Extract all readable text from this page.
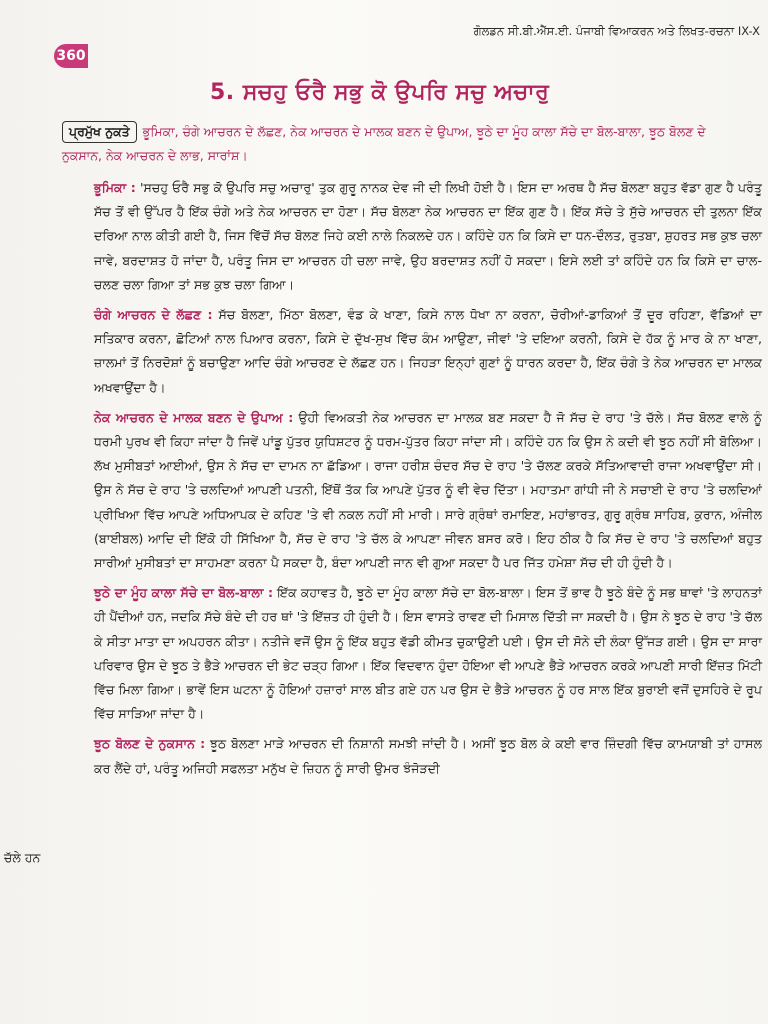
360
ਗੋਲਡਨ ਸੀ.ਬੀ.ਐੱਸ.ਈ. ਪੰਜਾਬੀ ਵਿਆਕਰਨ ਅਤੇ ਲਿਖਤ-ਰਚਨਾ IX-X
5. ਸਚਹੁ ਓਰੈ ਸਭੁ ਕੋ ਉਪਰਿ ਸਚੁ ਅਚਾਰੁ
ਪ੍ਰਮੁੱਖ ਨੁਕਤੇ ਭੂਮਿਕਾ, ਚੰਗੇ ਆਚਰਨ ਦੇ ਲੱਛਣ, ਨੇਕ ਆਚਰਨ ਦੇ ਮਾਲਕ ਬਣਨ ਦੇ ਉਪਾਅ, ਝੂਠੇ ਦਾ ਮੂੰਹ ਕਾਲਾ ਸੱਚੇ ਦਾ ਬੋਲ-ਬਾਲਾ, ਝੂਠ ਬੋਲਣ ਦੇ ਨੁਕਸਾਨ, ਨੇਕ ਆਚਰਨ ਦੇ ਲਾਭ, ਸਾਰਾਂਸ਼।

ਭੂਮਿਕਾ : 'ਸਚਹੁ ਓਰੈ ਸਭੁ ਕੋ ਉਪਰਿ ਸਚੁ ਅਚਾਰੁ' ਤੁਕ ਗੁਰੂ ਨਾਨਕ ਦੇਵ ਜੀ ਦੀ ਲਿਖੀ ਹੋਈ ਹੈ। ਇਸ ਦਾ ਅਰਥ ਹੈ ਸੱਚ ਬੋਲਣਾ ਬਹੁਤ ਵੱਡਾ ਗੁਣ ਹੈ ਪਰੰਤੂ ਸੱਚ ਤੋਂ ਵੀ ਉੱਪਰ ਹੈ ਇੱਕ ਚੰਗੇ ਅਤੇ ਨੇਕ ਆਚਰਨ ਦਾ ਹੋਣਾ। ਸੱਚ ਬੋਲਣਾ ਨੇਕ ਆਚਰਨ ਦਾ ਇੱਕ ਗੁਣ ਹੈ। ਇੱਕ ਸੱਚੇ ਤੇ ਸੁੱਚੇ ਆਚਰਨ ਦੀ ਤੁਲਨਾ ਇੱਕ ਦਰਿਆ ਨਾਲ ਕੀਤੀ ਗਈ ਹੈ, ਜਿਸ ਵਿੱਚੋਂ ਸੱਚ ਬੋਲਣ ਜਿਹੇ ਕਈ ਨਾਲੇ ਨਿਕਲਦੇ ਹਨ। ਕਹਿੰਦੇ ਹਨ ਕਿ ਕਿਸੇ ਦਾ ਧਨ-ਦੌਲਤ, ਰੁਤਬਾ, ਸ਼ੁਹਰਤ ਸਭ ਕੁਝ ਚਲਾ ਜਾਵੇ, ਬਰਦਾਸ਼ਤ ਹੋ ਜਾਂਦਾ ਹੈ, ਪਰੰਤੂ ਜਿਸ ਦਾ ਆਚਰਨ ਹੀ ਚਲਾ ਜਾਵੇ, ਉਹ ਬਰਦਾਸ਼ਤ ਨਹੀਂ ਹੋ ਸਕਦਾ। ਇਸੇ ਲਈ ਤਾਂ ਕਹਿੰਦੇ ਹਨ ਕਿ ਕਿਸੇ ਦਾ ਚਾਲ-ਚਲਣ ਚਲਾ ਗਿਆ ਤਾਂ ਸਭ ਕੁਝ ਚਲਾ ਗਿਆ।

ਚੰਗੇ ਆਚਰਨ ਦੇ ਲੱਛਣ : ਸੱਚ ਬੋਲਣਾ, ਮਿੱਠਾ ਬੋਲਣਾ, ਵੰਡ ਕੇ ਖਾਣਾ, ਕਿਸੇ ਨਾਲ ਧੋਖਾ ਨਾ ਕਰਨਾ, ਚੋਰੀਆਂ-ਡਾਕਿਆਂ ਤੋਂ ਦੂਰ ਰਹਿਣਾ, ਵੱਡਿਆਂ ਦਾ ਸਤਿਕਾਰ ਕਰਨਾ, ਛੋਟਿਆਂ ਨਾਲ ਪਿਆਰ ਕਰਨਾ, ਕਿਸੇ ਦੇ ਦੁੱਖ-ਸੁਖ ਵਿੱਚ ਕੰਮ ਆਉਣਾ, ਜੀਵਾਂ 'ਤੇ ਦਇਆ ਕਰਨੀ, ਕਿਸੇ ਦੇ ਹੱਕ ਨੂੰ ਮਾਰ ਕੇ ਨਾ ਖਾਣਾ, ਜ਼ਾਲਮਾਂ ਤੋਂ ਨਿਰਦੋਸ਼ਾਂ ਨੂੰ ਬਚਾਉਣਾ ਆਦਿ ਚੰਗੇ ਆਚਰਣ ਦੇ ਲੱਛਣ ਹਨ। ਜਿਹੜਾ ਇਨ੍ਹਾਂ ਗੁਣਾਂ ਨੂੰ ਧਾਰਨ ਕਰਦਾ ਹੈ, ਇੱਕ ਚੰਗੇ ਤੇ ਨੇਕ ਆਚਰਨ ਦਾ ਮਾਲਕ ਅਖਵਾਉਂਦਾ ਹੈ।

ਨੇਕ ਆਚਰਨ ਦੇ ਮਾਲਕ ਬਣਨ ਦੇ ਉਪਾਅ : ਉਹੀ ਵਿਅਕਤੀ ਨੇਕ ਆਚਰਨ ਦਾ ਮਾਲਕ ਬਣ ਸਕਦਾ ਹੈ ਜੋ ਸੱਚ ਦੇ ਰਾਹ 'ਤੇ ਚੱਲੇ। ਸੱਚ ਬੋਲਣ ਵਾਲੇ ਨੂੰ ਧਰਮੀ ਪੁਰਖ ਵੀ ਕਿਹਾ ਜਾਂਦਾ ਹੈ ਜਿਵੇਂ ਪਾਂਡੂ ਪੁੱਤਰ ਯੁਧਿਸ਼ਟਰ ਨੂੰ ਧਰਮ-ਪੁੱਤਰ ਕਿਹਾ ਜਾਂਦਾ ਸੀ। ਕਹਿੰਦੇ ਹਨ ਕਿ ਉਸ ਨੇ ਕਦੀ ਵੀ ਝੂਠ ਨਹੀਂ ਸੀ ਬੋਲਿਆ। ਲੱਖ ਮੁਸੀਬਤਾਂ ਆਈਆਂ, ਉਸ ਨੇ ਸੱਚ ਦਾ ਦਾਮਨ ਨਾ ਛੱਡਿਆ। ਰਾਜਾ ਹਰੀਸ਼ ਚੰਦਰ ਸੱਚ ਦੇ ਰਾਹ 'ਤੇ ਚੱਲਣ ਕਰਕੇ ਸੱਤਿਆਵਾਦੀ ਰਾਜਾ ਅਖਵਾਉਂਦਾ ਸੀ। ਉਸ ਨੇ ਸੱਚ ਦੇ ਰਾਹ 'ਤੇ ਚਲਦਿਆਂ ਆਪਣੀ ਪਤਨੀ, ਇੱਥੋਂ ਤੱਕ ਕਿ ਆਪਣੇ ਪੁੱਤਰ ਨੂੰ ਵੀ ਵੇਚ ਦਿੱਤਾ। ਮਹਾਤਮਾ ਗਾਂਧੀ ਜੀ ਨੇ ਸਚਾਈ ਦੇ ਰਾਹ 'ਤੇ ਚਲਦਿਆਂ ਪ੍ਰੀਖਿਆ ਵਿੱਚ ਆਪਣੇ ਅਧਿਆਪਕ ਦੇ ਕਹਿਣ 'ਤੇ ਵੀ ਨਕਲ ਨਹੀਂ ਸੀ ਮਾਰੀ। ਸਾਰੇ ਗ੍ਰੰਥਾਂ ਰਮਾਇਣ, ਮਹਾਂਭਾਰਤ, ਗੁਰੂ ਗ੍ਰੰਥ ਸਾਹਿਬ, ਕੁਰਾਨ, ਅੰਜੀਲ (ਬਾਈਬਲ) ਆਦਿ ਦੀ ਇੱਕੋ ਹੀ ਸਿੱਖਿਆ ਹੈ, ਸੱਚ ਦੇ ਰਾਹ 'ਤੇ ਚੱਲ ਕੇ ਆਪਣਾ ਜੀਵਨ ਬਸਰ ਕਰੋ। ਇਹ ਠੀਕ ਹੈ ਕਿ ਸੱਚ ਦੇ ਰਾਹ 'ਤੇ ਚਲਦਿਆਂ ਬਹੁਤ ਸਾਰੀਆਂ ਮੁਸੀਬਤਾਂ ਦਾ ਸਾਹਮਣਾ ਕਰਨਾ ਪੈ ਸਕਦਾ ਹੈ, ਬੰਦਾ ਆਪਣੀ ਜਾਨ ਵੀ ਗੁਆ ਸਕਦਾ ਹੈ ਪਰ ਜਿੱਤ ਹਮੇਸ਼ਾ ਸੱਚ ਦੀ ਹੀ ਹੁੰਦੀ ਹੈ।

ਝੂਠੇ ਦਾ ਮੂੰਹ ਕਾਲਾ ਸੱਚੇ ਦਾ ਬੋਲ-ਬਾਲਾ : ਇੱਕ ਕਹਾਵਤ ਹੈ, ਝੂਠੇ ਦਾ ਮੂੰਹ ਕਾਲਾ ਸੱਚੇ ਦਾ ਬੋਲ-ਬਾਲਾ। ਇਸ ਤੋਂ ਭਾਵ ਹੈ ਝੂਠੇ ਬੰਦੇ ਨੂੰ ਸਭ ਥਾਵਾਂ 'ਤੇ ਲਾਹਨਤਾਂ ਹੀ ਪੈਂਦੀਆਂ ਹਨ, ਜਦਕਿ ਸੱਚੇ ਬੰਦੇ ਦੀ ਹਰ ਥਾਂ 'ਤੇ ਇੱਜ਼ਤ ਹੀ ਹੁੰਦੀ ਹੈ। ਇਸ ਵਾਸਤੇ ਰਾਵਣ ਦੀ ਮਿਸਾਲ ਦਿੱਤੀ ਜਾ ਸਕਦੀ ਹੈ। ਉਸ ਨੇ ਝੂਠ ਦੇ ਰਾਹ 'ਤੇ ਚੱਲ ਕੇ ਸੀਤਾ ਮਾਤਾ ਦਾ ਅਪਹਰਨ ਕੀਤਾ। ਨਤੀਜੇ ਵਜੋਂ ਉਸ ਨੂੰ ਇੱਕ ਬਹੁਤ ਵੱਡੀ ਕੀਮਤ ਚੁਕਾਉਣੀ ਪਈ। ਉਸ ਦੀ ਸੋਨੇ ਦੀ ਲੰਕਾ ਉੱਜੜ ਗਈ। ਉਸ ਦਾ ਸਾਰਾ ਪਰਿਵਾਰ ਉਸ ਦੇ ਝੂਠ ਤੇ ਭੈੜੇ ਆਚਰਨ ਦੀ ਭੇਟ ਚੜ੍ਹ ਗਿਆ। ਇੱਕ ਵਿਦਵਾਨ ਹੁੰਦਾ ਹੋਇਆ ਵੀ ਆਪਣੇ ਭੈੜੇ ਆਚਰਨ ਕਰਕੇ ਆਪਣੀ ਸਾਰੀ ਇੱਜ਼ਤ ਮਿੱਟੀ ਵਿੱਚ ਮਿਲਾ ਗਿਆ। ਭਾਵੇਂ ਇਸ ਘਟਨਾ ਨੂੰ ਹੋਇਆਂ ਹਜ਼ਾਰਾਂ ਸਾਲ ਬੀਤ ਗਏ ਹਨ ਪਰ ਉਸ ਦੇ ਭੈੜੇ ਆਚਰਨ ਨੂੰ ਹਰ ਸਾਲ ਇੱਕ ਬੁਰਾਈ ਵਜੋਂ ਦੁਸਹਿਰੇ ਦੇ ਰੂਪ ਵਿੱਚ ਸਾੜਿਆ ਜਾਂਦਾ ਹੈ।

ਝੂਠ ਬੋਲਣ ਦੇ ਨੁਕਸਾਨ : ਝੂਠ ਬੋਲਣਾ ਮਾੜੇ ਆਚਰਨ ਦੀ ਨਿਸ਼ਾਨੀ ਸਮਝੀ ਜਾਂਦੀ ਹੈ। ਅਸੀਂ ਝੂਠ ਬੋਲ ਕੇ ਕਈ ਵਾਰ ਜ਼ਿੰਦਗੀ ਵਿੱਚ ਕਾਮਯਾਬੀ ਤਾਂ ਹਾਸਲ ਕਰ ਲੈਂਦੇ ਹਾਂ, ਪਰੰਤੂ ਅਜਿਹੀ ਸਫਲਤਾ ਮਨੁੱਖ ਦੇ ਜ਼ਿਹਨ ਨੂੰ ਸਾਰੀ ਉਮਰ ਝੰਜੋੜਦੀ

ਚੱਲੇ ਹਨ
